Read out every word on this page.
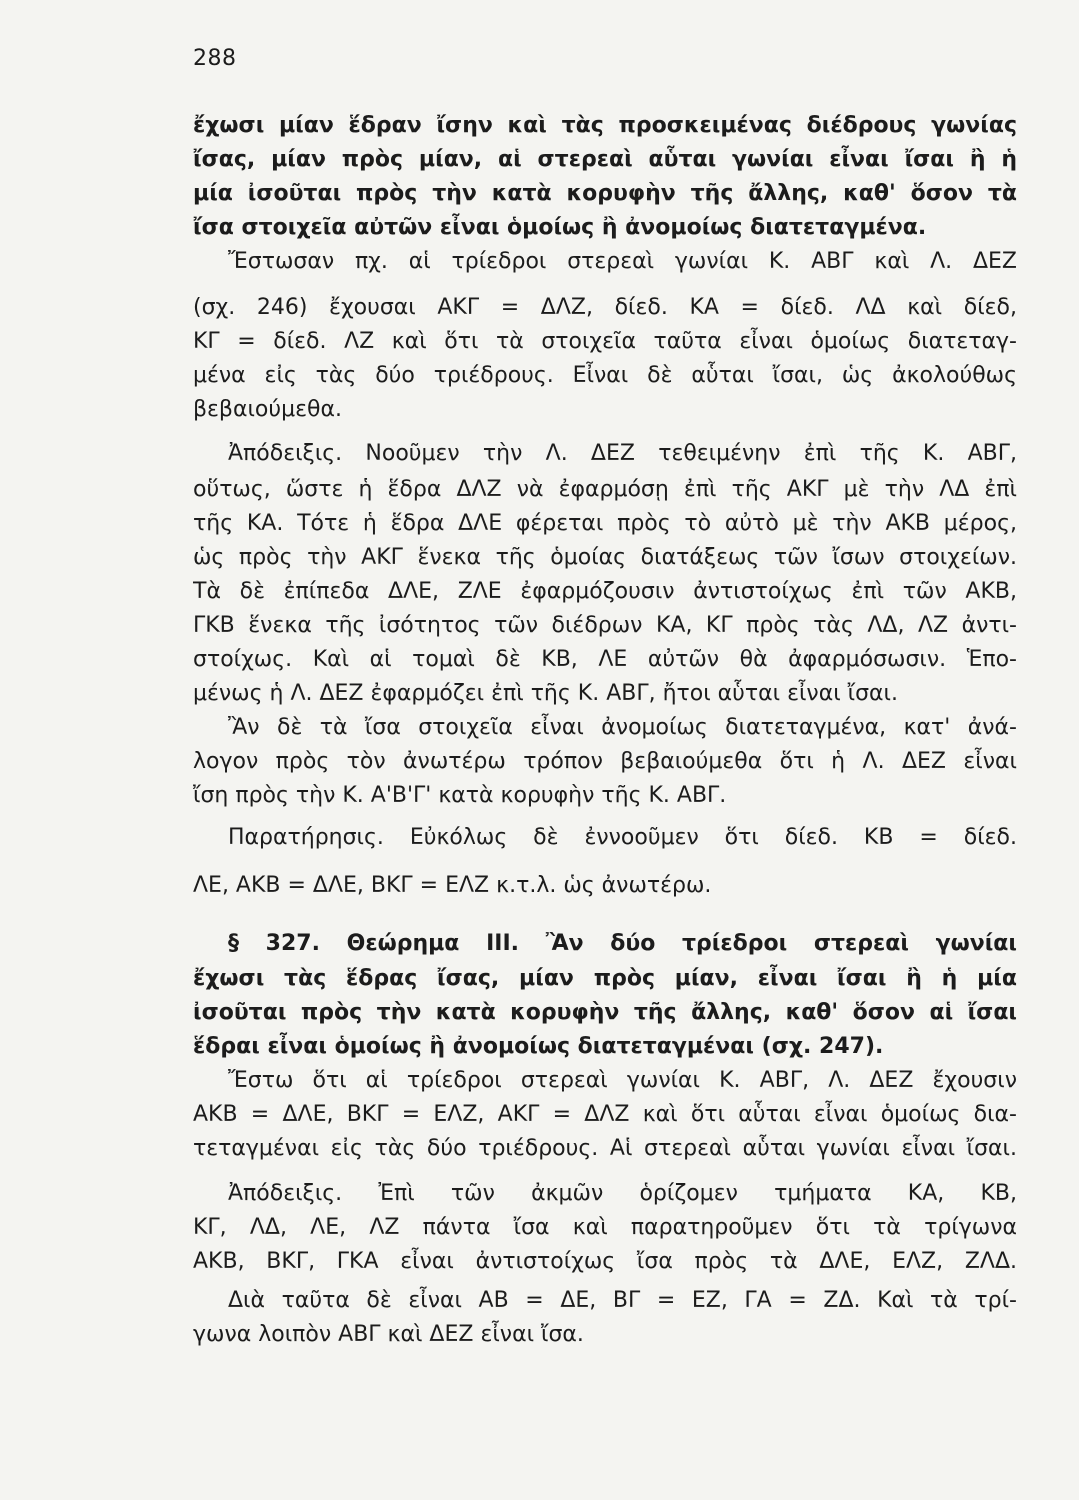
288
ἔχωσι μίαν ἕδραν ἴσην καὶ τὰς προσκειμένας διέδρους γωνίας
ἴσας, μίαν πρὸς μίαν, αἱ στερεαὶ αὗται γωνίαι εἶναι ἴσαι ἢ ἡ
μία ἰσοῦται πρὸς τὴν κατὰ κορυφὴν τῆς ἄλλης, καθ' ὅσον τὰ
ἴσα στοιχεῖα αὐτῶν εἶναι ὁμοίως ἢ ἀνομοίως διατεταγμένα.
Ἔστωσαν πχ. αἱ τρίεδροι στερεαὶ γωνίαι Κ. ΑΒΓ καὶ Λ. ΔΕΖ
(σχ. 246) ἔχουσαι ΑΚΓ = ΔΛΖ, δίεδ. ΚΑ = δίεδ. ΛΔ καὶ δίεδ,
ΚΓ = δίεδ. ΛΖ καὶ ὅτι τὰ στοιχεῖα ταῦτα εἶναι ὁμοίως διατεταγ-
μένα εἰς τὰς δύο τριέδρους. Εἶναι δὲ αὗται ἴσαι, ὡς ἀκολούθως
βεβαιούμεθα.
Ἀπόδειξις. Νοοῦμεν τὴν Λ. ΔΕΖ τεθειμένην ἐπὶ τῆς Κ. ΑΒΓ,
οὕτως, ὥστε ἡ ἕδρα ΔΛΖ νὰ ἐφαρμόσῃ ἐπὶ τῆς ΑΚΓ μὲ τὴν ΛΔ ἐπὶ
τῆς ΚΑ. Τότε ἡ ἕδρα ΔΛΕ φέρεται πρὸς τὸ αὐτὸ μὲ τὴν ΑΚΒ μέρος,
ὡς πρὸς τὴν ΑΚΓ ἕνεκα τῆς ὁμοίας διατάξεως τῶν ἴσων στοιχείων.
Τὰ δὲ ἐπίπεδα ΔΛΕ, ΖΛΕ ἐφαρμόζουσιν ἀντιστοίχως ἐπὶ τῶν ΑΚΒ,
ΓΚΒ ἕνεκα τῆς ἰσότητος τῶν διέδρων ΚΑ, ΚΓ πρὸς τὰς ΛΔ, ΛΖ ἀντι-
στοίχως. Καὶ αἱ τομαὶ δὲ ΚΒ, ΛΕ αὐτῶν θὰ ἀφαρμόσωσιν. Ἑπο-
μένως ἡ Λ. ΔΕΖ ἐφαρμόζει ἐπὶ τῆς Κ. ΑΒΓ, ἤτοι αὗται εἶναι ἴσαι.
Ἂν δὲ τὰ ἴσα στοιχεῖα εἶναι ἀνομοίως διατεταγμένα, κατ' ἀνά-
λογον πρὸς τὸν ἀνωτέρω τρόπον βεβαιούμεθα ὅτι ἡ Λ. ΔΕΖ εἶναι
ἴση πρὸς τὴν Κ. Α'Β'Γ' κατὰ κορυφὴν τῆς Κ. ΑΒΓ.
Παρατήρησις. Εὐκόλως δὲ ἐννοοῦμεν ὅτι δίεδ. ΚΒ = δίεδ.
ΛΕ, ΑΚΒ = ΔΛΕ, ΒΚΓ = ΕΛΖ κ.τ.λ. ὡς ἀνωτέρω.
§ 327. Θεώρημα III. Ἂν δύο τρίεδροι στερεαὶ γωνίαι
ἔχωσι τὰς ἕδρας ἴσας, μίαν πρὸς μίαν, εἶναι ἴσαι ἢ ἡ μία
ἰσοῦται πρὸς τὴν κατὰ κορυφὴν τῆς ἄλλης, καθ' ὅσον αἱ ἴσαι
ἕδραι εἶναι ὁμοίως ἢ ἀνομοίως διατεταγμέναι (σχ. 247).
Ἔστω ὅτι αἱ τρίεδροι στερεαὶ γωνίαι Κ. ΑΒΓ, Λ. ΔΕΖ ἔχουσιν
ΑΚΒ = ΔΛΕ, ΒΚΓ = ΕΛΖ, ΑΚΓ = ΔΛΖ καὶ ὅτι αὗται εἶναι ὁμοίως δια-
τεταγμέναι εἰς τὰς δύο τριέδρους. Αἱ στερεαὶ αὗται γωνίαι εἶναι ἴσαι.
Ἀπόδειξις. Ἐπὶ τῶν ἀκμῶν ὁρίζομεν τμήματα ΚΑ, ΚΒ,
ΚΓ, ΛΔ, ΛΕ, ΛΖ πάντα ἴσα καὶ παρατηροῦμεν ὅτι τὰ τρίγωνα
ΑΚΒ, ΒΚΓ, ΓΚΑ εἶναι ἀντιστοίχως ἴσα πρὸς τὰ ΔΛΕ, ΕΛΖ, ΖΛΔ.
Διὰ ταῦτα δὲ εἶναι ΑΒ = ΔΕ, ΒΓ = ΕΖ, ΓΑ = ΖΔ. Καὶ τὰ τρί-
γωνα λοιπὸν ΑΒΓ καὶ ΔΕΖ εἶναι ἴσα.
